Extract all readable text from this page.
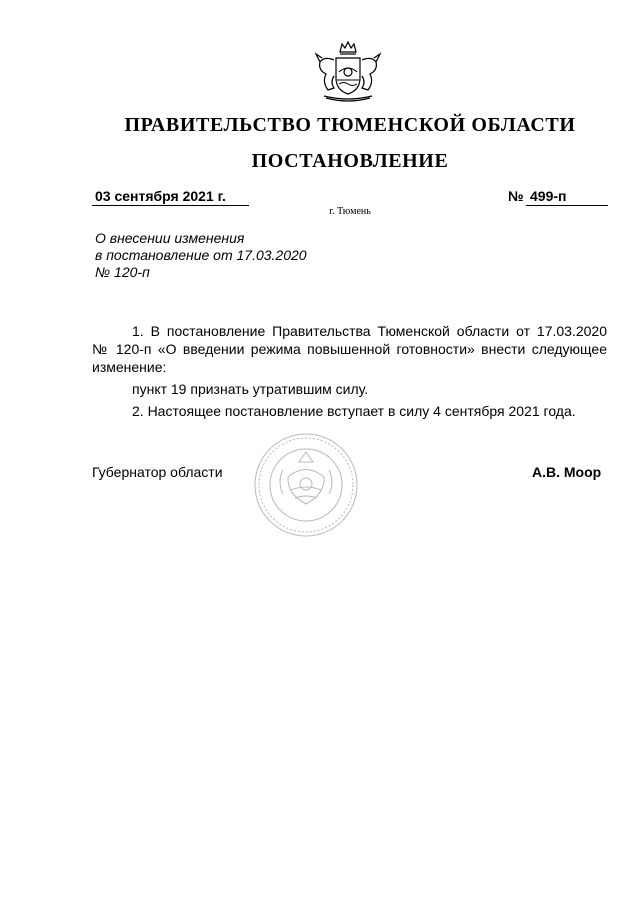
ПРАВИТЕЛЬСТВО ТЮМЕНСКОЙ ОБЛАСТИ
ПОСТАНОВЛЕНИЕ
03 сентября 2021 г.	№ 499-п
г. Тюмень
О внесении изменения
в постановление от 17.03.2020
№ 120-п
1. В постановление Правительства Тюменской области от 17.03.2020
№ 120-п «О введении режима повышенной готовности» внести следующее
изменение:
пункт 19 признать утратившим силу.
2. Настоящее постановление вступает в силу 4 сентября 2021 года.
Губернатор области	А.В. Моор
